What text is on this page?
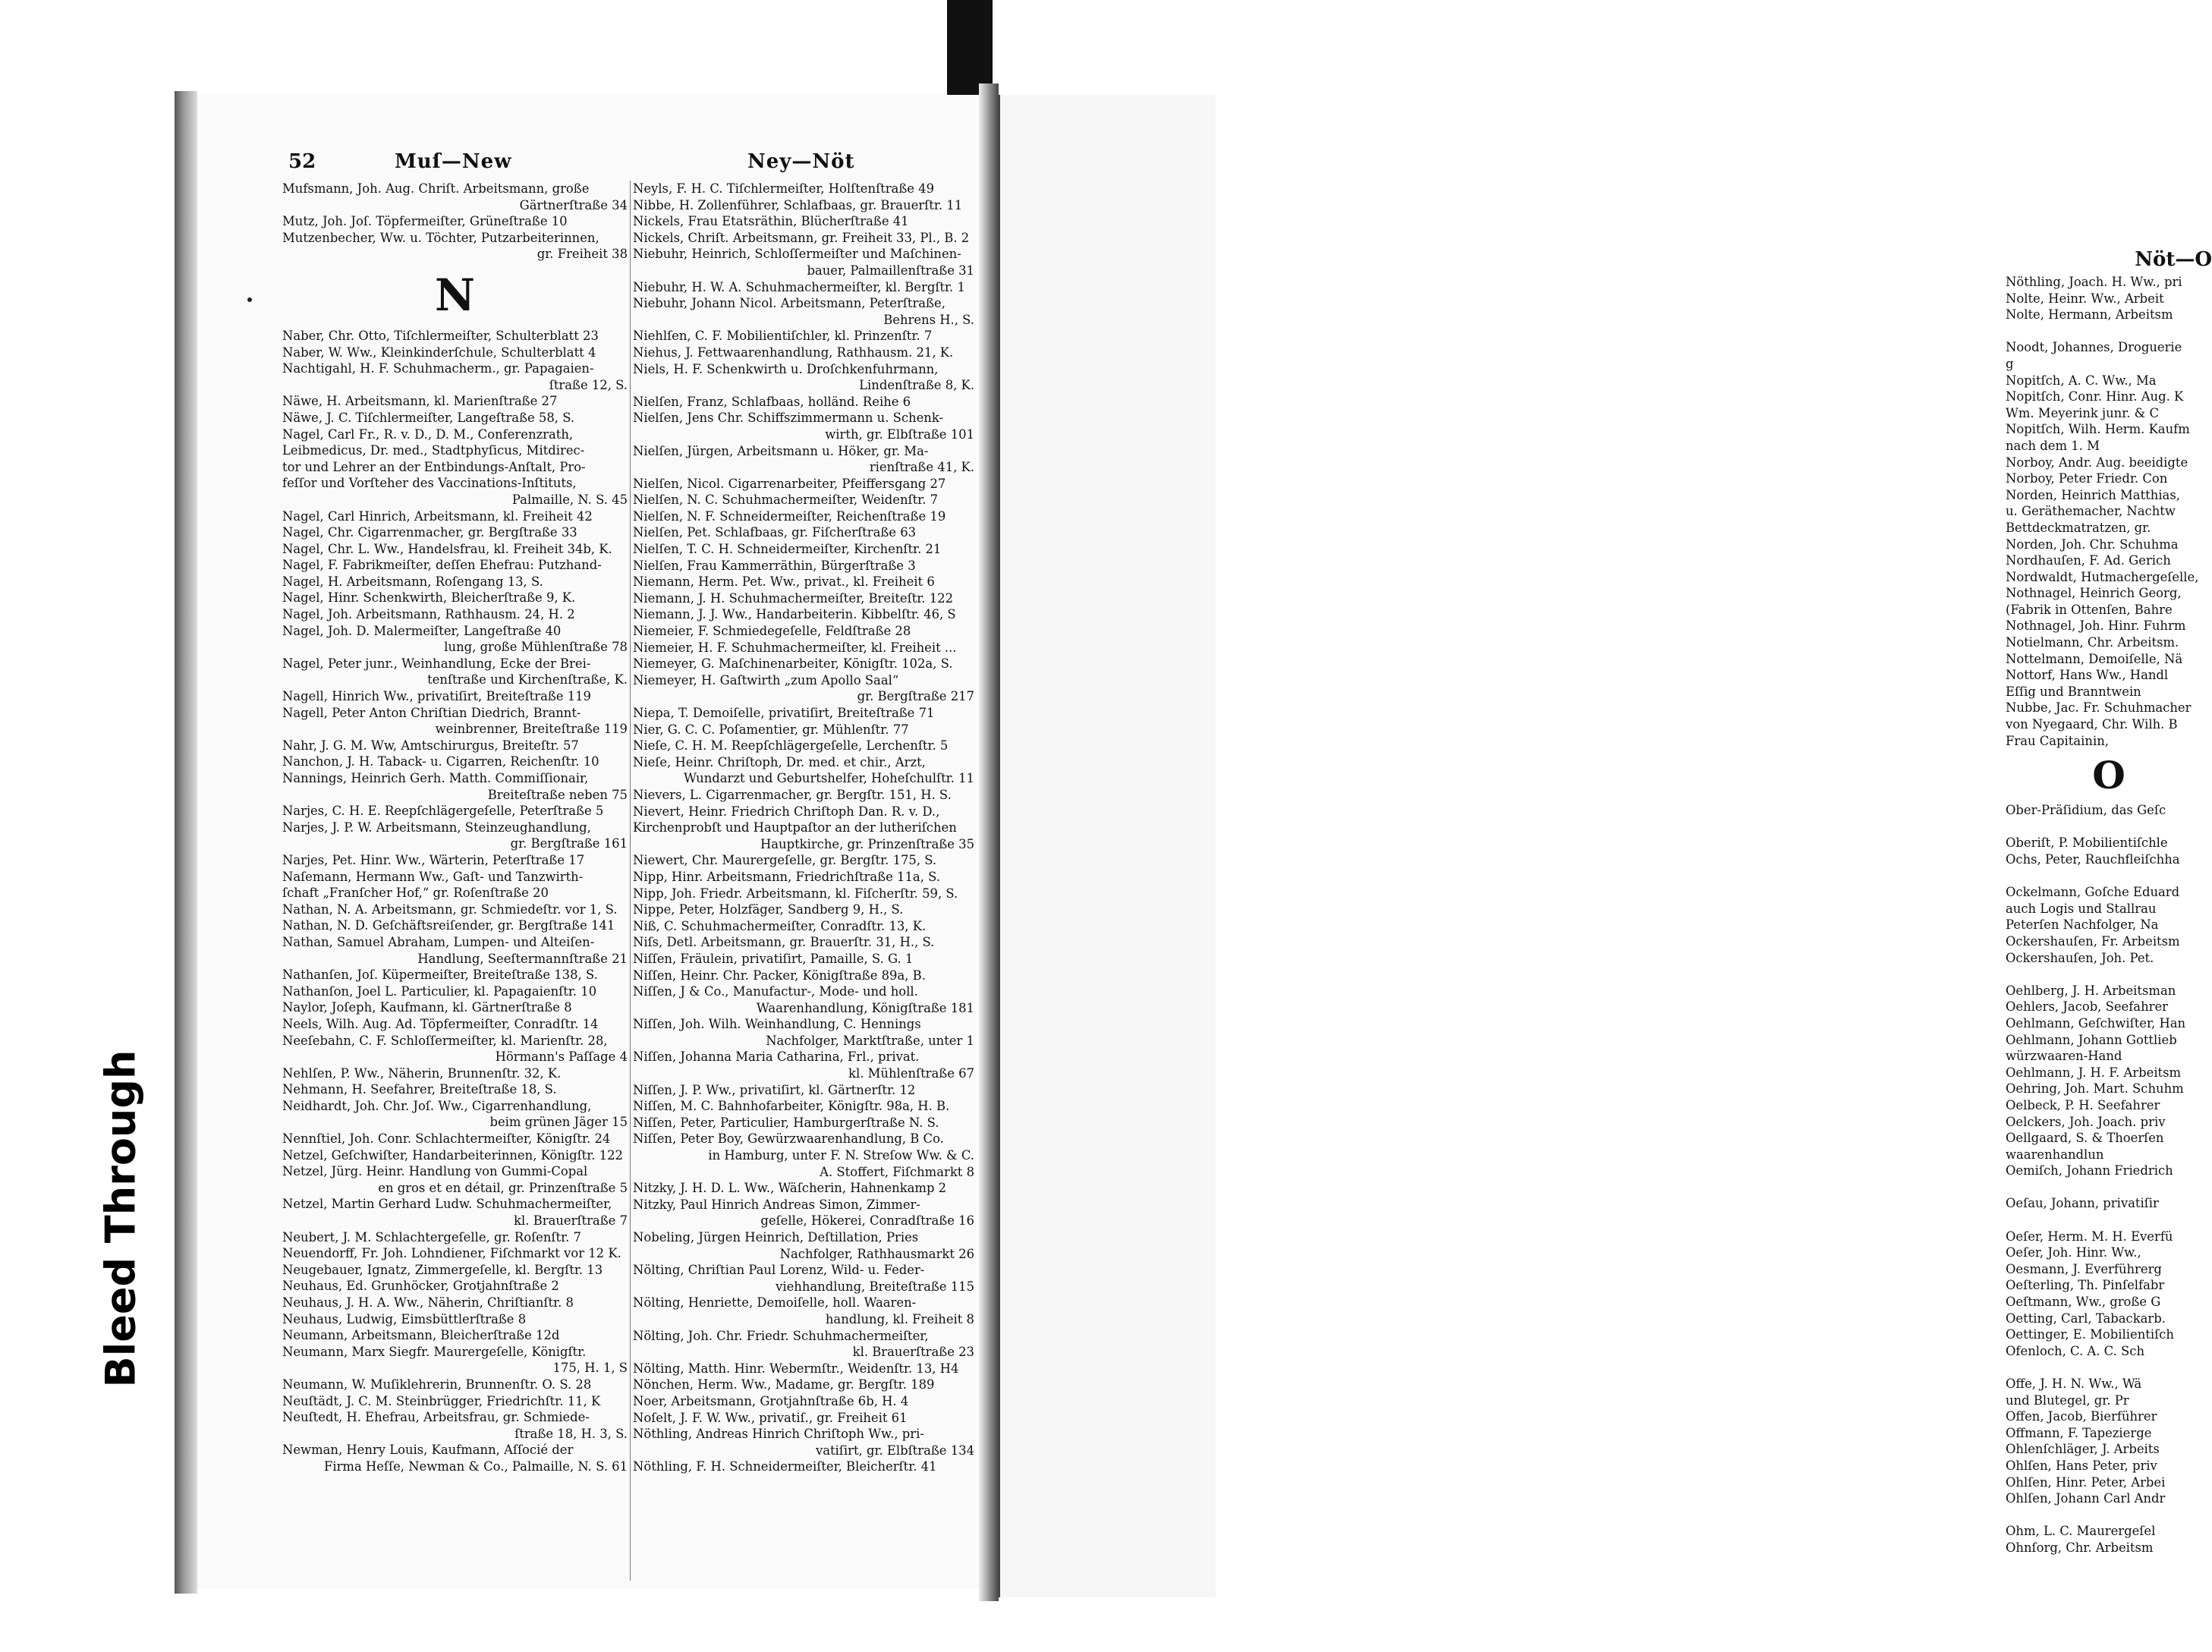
Nöt—O
Nöthling, Joach. H. Ww., pri
Nolte, Heinr. Ww., Arbeit
Nolte, Hermann, Arbeitsm

Noodt, Johannes, Droguerie
g
Nopitſch, A. C. Ww., Ma
Nopitſch, Conr. Hinr. Aug. K
Wm. Meyerink junr. & C
Nopitſch, Wilh. Herm. Kaufm
nach dem 1. M
Norboy, Andr. Aug. beeidigte
Norboy, Peter Friedr. Con
Norden, Heinrich Matthias,
u. Geräthemacher, Nachtw
Bettdeckmatratzen, gr.
Norden, Joh. Chr. Schuhma
Nordhauſen, F. Ad. Gerich
Nordwaldt, Hutmachergeſelle,
Nothnagel, Heinrich Georg,
(Fabrik in Ottenſen, Bahre
Nothnagel, Joh. Hinr. Fuhrm
Notielmann, Chr. Arbeitsm.
Nottelmann, Demoiſelle, Nä
Nottorf, Hans Ww., Handl
Eſſig und Branntwein
Nubbe, Jac. Fr. Schuhmacher
von Nyegaard, Chr. Wilh. B
Frau Capitainin,
O
Ober-Präſidium, das Geſc

Oberiſt, P. Mobilientiſchle
Ochs, Peter, Rauchfleiſchha

Ockelmann, Goſche Eduard
auch Logis und Stallrau
Peterſen Nachfolger, Na
Ockershauſen, Fr. Arbeitsm
Ockershauſen, Joh. Pet.

Oehlberg, J. H. Arbeitsman
Oehlers, Jacob, Seefahrer
Oehlmann, Geſchwiſter, Han
Oehlmann, Johann Gottlieb
würzwaaren-Hand
Oehlmann, J. H. F. Arbeitsm
Oehring, Joh. Mart. Schuhm
Oelbeck, P. H. Seefahrer
Oelckers, Joh. Joach. priv
Oellgaard, S. & Thoerſen
waarenhandlun
Oemiſch, Johann Friedrich

Oeſau, Johann, privatiſir

Oeſer, Herm. M. H. Everfü
Oeſer, Joh. Hinr. Ww.,
Oesmann, J. Everführerg
Oeſterling, Th. Pinſelfabr
Oeſtmann, Ww., große G
Oetting, Carl, Tabackarb.
Oettinger, E. Mobilientiſch
Ofenloch, C. A. C. Sch

Offe, J. H. N. Ww., Wä
und Blutegel, gr. Pr
Offen, Jacob, Bierführer
Offmann, F. Tapezierge
Ohlenſchläger, J. Arbeits
Ohlſen, Hans Peter, priv
Ohlſen, Hinr. Peter, Arbei
Ohlſen, Johann Carl Andr

Ohm, L. C. Maurergeſel
Ohnſorg, Chr. Arbeitsm
52	Muſ—New	Ney—Nöt
Mufsmann, Joh. Aug. Chriſt. Arbeitsmann, große
Gärtnerſtraße 34
Mutz, Joh. Joſ. Töpfermeiſter, Grüneſtraße 10
Mutzenbecher, Ww. u. Töchter, Putzarbeiterinnen,
gr. Freiheit 38
N
Naber, Chr. Otto, Tiſchlermeiſter, Schulterblatt 23
Naber, W. Ww., Kleinkinderſchule, Schulterblatt 4
Nachtigahl, H. F. Schuhmacherm., gr. Papagaien-
ſtraße 12, S.
Näwe, H. Arbeitsmann, kl. Marienſtraße 27
Näwe, J. C. Tiſchlermeiſter, Langeſtraße 58, S.
Nagel, Carl Fr., R. v. D., D. M., Conferenzrath,
Leibmedicus, Dr. med., Stadtphyſicus, Mitdirec-
tor und Lehrer an der Entbindungs-Anſtalt, Pro-
feſſor und Vorſteher des Vaccinations-Inſtituts,
Palmaille, N. S. 45
Nagel, Carl Hinrich, Arbeitsmann, kl. Freiheit 42
Nagel, Chr. Cigarrenmacher, gr. Bergſtraße 33
Nagel, Chr. L. Ww., Handelsfrau, kl. Freiheit 34b, K.
Nagel, F. Fabrikmeiſter, deſſen Ehefrau: Putzhand-
Nagel, H. Arbeitsmann, Roſengang 13, S.
Nagel, Hinr. Schenkwirth, Bleicherſtraße 9, K.
Nagel, Joh. Arbeitsmann, Rathhausm. 24, H. 2
Nagel, Joh. D. Malermeiſter, Langeſtraße 40
lung, große Mühlenſtraße 78
Nagel, Peter junr., Weinhandlung, Ecke der Brei-
tenſtraße und Kirchenſtraße, K.
Nagell, Hinrich Ww., privatiſirt, Breiteſtraße 119
Nagell, Peter Anton Chriſtian Diedrich, Brannt-
weinbrenner, Breiteſtraße 119
Nahr, J. G. M. Ww, Amtschirurgus, Breiteſtr. 57
Nanchon, J. H. Taback- u. Cigarren, Reichenſtr. 10
Nannings, Heinrich Gerh. Matth. Commiſſionair,
Breiteſtraße neben 75
Narjes, C. H. E. Reepſchlägergeſelle, Peterſtraße 5
Narjes, J. P. W. Arbeitsmann, Steinzeughandlung,
gr. Bergſtraße 161
Narjes, Pet. Hinr. Ww., Wärterin, Peterſtraße 17
Naſemann, Hermann Ww., Gaſt- und Tanzwirth-
ſchaft „Franſcher Hof,“ gr. Roſenſtraße 20
Nathan, N. A. Arbeitsmann, gr. Schmiedeſtr. vor 1, S.
Nathan, N. D. Geſchäftsreiſender, gr. Bergſtraße 141
Nathan, Samuel Abraham, Lumpen- und Alteiſen-
Handlung, Seeſtermannſtraße 21
Nathanſen, Joſ. Küpermeiſter, Breiteſtraße 138, S.
Nathanſon, Joel L. Particulier, kl. Papagaienſtr. 10
Naylor, Joſeph, Kaufmann, kl. Gärtnerſtraße 8
Neels, Wilh. Aug. Ad. Töpfermeiſter, Conradſtr. 14
Neeſebahn, C. F. Schloſſermeiſter, kl. Marienſtr. 28,
Hörmann's Paſſage 4
Nehlſen, P. Ww., Näherin, Brunnenſtr. 32, K.
Nehmann, H. Seefahrer, Breiteſtraße 18, S.
Neidhardt, Joh. Chr. Joſ. Ww., Cigarrenhandlung,
beim grünen Jäger 15
Nennſtiel, Joh. Conr. Schlachtermeiſter, Königſtr. 24
Netzel, Geſchwiſter, Handarbeiterinnen, Königſtr. 122
Netzel, Jürg. Heinr. Handlung von Gummi-Copal
en gros et en détail, gr. Prinzenſtraße 5
Netzel, Martin Gerhard Ludw. Schuhmachermeiſter,
kl. Brauerſtraße 7
Neubert, J. M. Schlachtergeſelle, gr. Roſenſtr. 7
Neuendorff, Fr. Joh. Lohndiener, Fiſchmarkt vor 12 K.
Neugebauer, Ignatz, Zimmergeſelle, kl. Bergſtr. 13
Neuhaus, Ed. Grunhöcker, Grotjahnſtraße 2
Neuhaus, J. H. A. Ww., Näherin, Chriſtianſtr. 8
Neuhaus, Ludwig, Eimsbüttlerſtraße 8
Neumann, Arbeitsmann, Bleicherſtraße 12d
Neumann, Marx Siegfr. Maurergeſelle, Königſtr.
175, H. 1, S
Neumann, W. Muſiklehrerin, Brunnenſtr. O. S. 28
Neuſtädt, J. C. M. Steinbrügger, Friedrichſtr. 11, K
Neuſtedt, H. Ehefrau, Arbeitsfrau, gr. Schmiede-
ſtraße 18, H. 3, S.
Newman, Henry Louis, Kaufmann, Aſſocié der
Firma Heſſe, Newman & Co., Palmaille, N. S. 61
Neyls, F. H. C. Tiſchlermeiſter, Holſtenſtraße 49
Nibbe, H. Zollenführer, Schlafbaas, gr. Brauerſtr. 11
Nickels, Frau Etatsräthin, Blücherſtraße 41
Nickels, Chriſt. Arbeitsmann, gr. Freiheit 33, Pl., B. 2
Niebuhr, Heinrich, Schloſſermeiſter und Maſchinen-
bauer, Palmaillenſtraße 31
Niebuhr, H. W. A. Schuhmachermeiſter, kl. Bergſtr. 1
Niebuhr, Johann Nicol. Arbeitsmann, Peterſtraße,
Behrens H., S.
Niehlſen, C. F. Mobilientiſchler, kl. Prinzenſtr. 7
Niehus, J. Fettwaarenhandlung, Rathhausm. 21, K.
Niels, H. F. Schenkwirth u. Droſchkenfuhrmann,
Lindenſtraße 8, K.
Nielſen, Franz, Schlafbaas, holländ. Reihe 6
Nielſen, Jens Chr. Schiffszimmermann u. Schenk-
wirth, gr. Elbſtraße 101
Nielſen, Jürgen, Arbeitsmann u. Höker, gr. Ma-
rienſtraße 41, K.
Nielſen, Nicol. Cigarrenarbeiter, Pfeiffersgang 27
Nielſen, N. C. Schuhmachermeiſter, Weidenſtr. 7
Nielſen, N. F. Schneidermeiſter, Reichenſtraße 19
Nielſen, Pet. Schlafbaas, gr. Fiſcherſtraße 63
Nielſen, T. C. H. Schneidermeiſter, Kirchenſtr. 21
Nielſen, Frau Kammerräthin, Bürgerſtraße 3
Niemann, Herm. Pet. Ww., privat., kl. Freiheit 6
Niemann, J. H. Schuhmachermeiſter, Breiteſtr. 122
Niemann, J. J. Ww., Handarbeiterin. Kibbelſtr. 46, S
Niemeier, F. Schmiedegeſelle, Feldſtraße 28
Niemeier, H. F. Schuhmachermeiſter, kl. Freiheit ...
Niemeyer, G. Maſchinenarbeiter, Königſtr. 102a, S.
Niemeyer, H. Gaſtwirth „zum Apollo Saal“
gr. Bergſtraße 217
Niepa, T. Demoiſelle, privatiſirt, Breiteſtraße 71
Nier, G. C. C. Poſamentier, gr. Mühlenſtr. 77
Nieſe, C. H. M. Reepſchlägergeſelle, Lerchenſtr. 5
Nieſe, Heinr. Chriſtoph, Dr. med. et chir., Arzt,
Wundarzt und Geburtshelfer, Hoheſchulſtr. 11
Nievers, L. Cigarrenmacher, gr. Bergſtr. 151, H. S.
Nievert, Heinr. Friedrich Chriſtoph Dan. R. v. D.,
Kirchenprobſt und Hauptpaſtor an der lutheriſchen
Hauptkirche, gr. Prinzenſtraße 35
Niewert, Chr. Maurergeſelle, gr. Bergſtr. 175, S.
Nipp, Hinr. Arbeitsmann, Friedrichſtraße 11a, S.
Nipp, Joh. Friedr. Arbeitsmann, kl. Fiſcherſtr. 59, S.
Nippe, Peter, Holzfäger, Sandberg 9, H., S.
Niß, C. Schuhmachermeiſter, Conradſtr. 13, K.
Niſs, Detl. Arbeitsmann, gr. Brauerſtr. 31, H., S.
Niſſen, Fräulein, privatiſirt, Pamaille, S. G. 1
Niſſen, Heinr. Chr. Packer, Königſtraße 89a, B.
Niſſen, J & Co., Manufactur-, Mode- und holl.
Waarenhandlung, Königſtraße 181
Niſſen, Joh. Wilh. Weinhandlung, C. Hennings
Nachfolger, Marktſtraße, unter 1
Niſſen, Johanna Maria Catharina, Frl., privat.
kl. Mühlenſtraße 67
Niſſen, J. P. Ww., privatiſirt, kl. Gärtnerſtr. 12
Niſſen, M. C. Bahnhofarbeiter, Königſtr. 98a, H. B.
Niſſen, Peter, Particulier, Hamburgerſtraße N. S.
Niſſen, Peter Boy, Gewürzwaarenhandlung, B Co.
in Hamburg, unter F. N. Streſow Ww. & C.
A. Stoffert, Fiſchmarkt 8
Nitzky, J. H. D. L. Ww., Wäſcherin, Hahnenkamp 2
Nitzky, Paul Hinrich Andreas Simon, Zimmer-
geſelle, Hökerei, Conradſtraße 16
Nobeling, Jürgen Heinrich, Deſtillation, Pries
Nachfolger, Rathhausmarkt 26
Nölting, Chriſtian Paul Lorenz, Wild- u. Feder-
viehhandlung, Breiteſtraße 115
Nölting, Henriette, Demoiſelle, holl. Waaren-
handlung, kl. Freiheit 8
Nölting, Joh. Chr. Friedr. Schuhmachermeiſter,
kl. Brauerſtraße 23
Nölting, Matth. Hinr. Webermſtr., Weidenſtr. 13, H4
Nönchen, Herm. Ww., Madame, gr. Bergſtr. 189
Noer, Arbeitsmann, Grotjahnſtraße 6b, H. 4
Noſelt, J. F. W. Ww., privatiſ., gr. Freiheit 61
Nöthling, Andreas Hinrich Chriſtoph Ww., pri-
vatiſirt, gr. Elbſtraße 134
Nöthling, F. H. Schneidermeiſter, Bleicherſtr. 41
Bleed Through
